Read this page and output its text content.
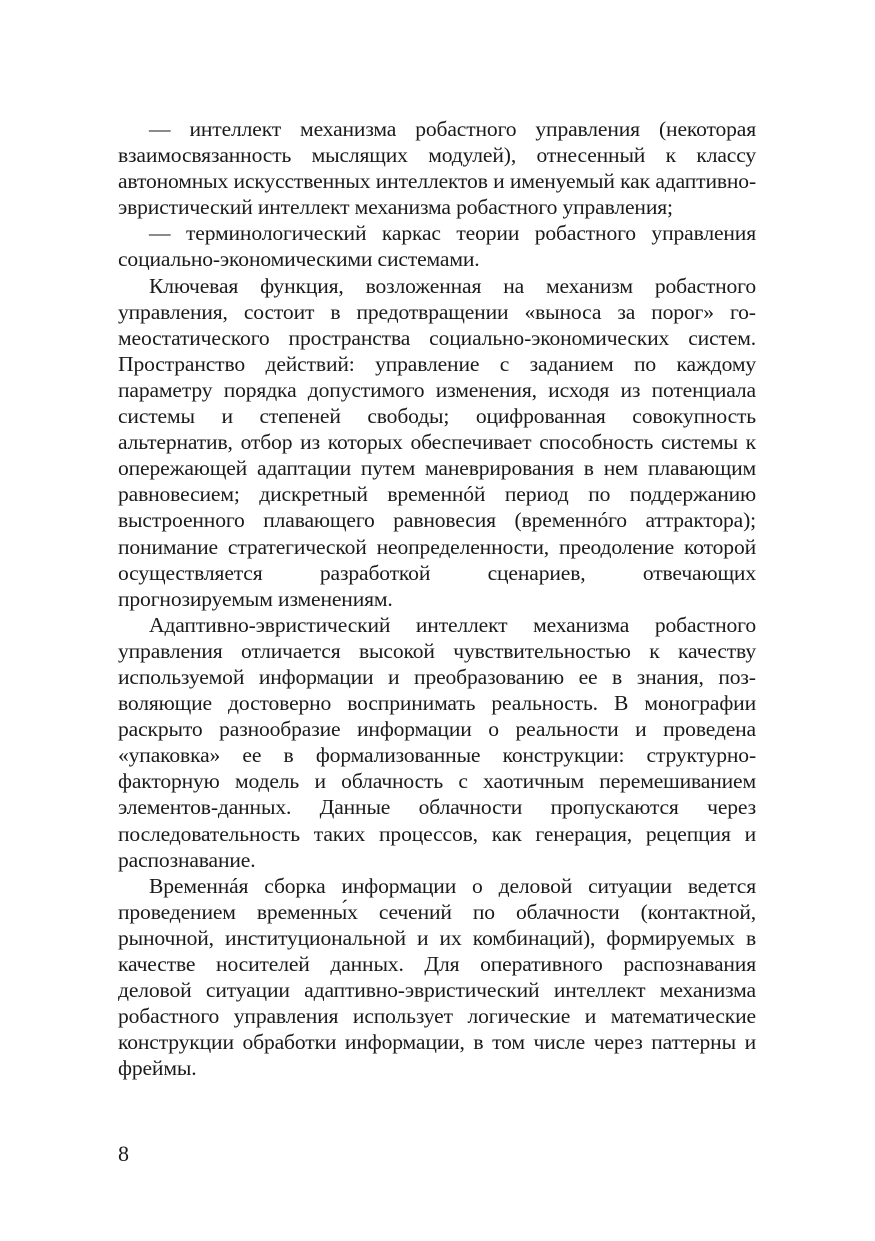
— интеллект механизма робастного управления (некоторая взаимосвязанность мыслящих модулей), отнесенный к классу автономных искусственных интеллектов и именуемый как адаптивно-эвристический интеллект механизма робастного управления;

— терминологический каркас теории робастного управления социально-экономическими системами.

Ключевая функция, возложенная на механизм робастного управления, состоит в предотвращении «выноса за порог» гомеостатического пространства социально-экономических систем. Пространство действий: управление с заданием по каждому параметру порядка допустимого изменения, исходя из потенциала системы и степеней свободы; оцифрованная совокупность альтернатив, отбор из которых обеспечивает способность системы к опережающей адаптации путем маневрирования в нем плавающим равновесием; дискретный временнóй период по поддержанию выстроенного плавающего равновесия (временнóго аттрактора); понимание стратегической неопределенности, преодоление которой осуществляется разработкой сценариев, отвечающих прогнозируемым изменениям.

Адаптивно-эвристический интеллект механизма робастного управления отличается высокой чувствительностью к качеству используемой информации и преобразованию ее в знания, позволяющие достоверно воспринимать реальность. В монографии раскрыто разнообразие информации о реальности и проведена «упаковка» ее в формализованные конструкции: структурно-факторную модель и облачность с хаотичным перемешиванием элементов-данных. Данные облачности пропускаются через последовательность таких процессов, как генерация, рецепция и распознавание.

Временнáя сборка информации о деловой ситуации ведется проведением временны́х сечений по облачности (контактной, рыночной, институциональной и их комбинаций), формируемых в качестве носителей данных. Для оперативного распознавания деловой ситуации адаптивно-эвристический интеллект механизма робастного управления использует логические и математические конструкции обработки информации, в том числе через паттерны и фреймы.

8
